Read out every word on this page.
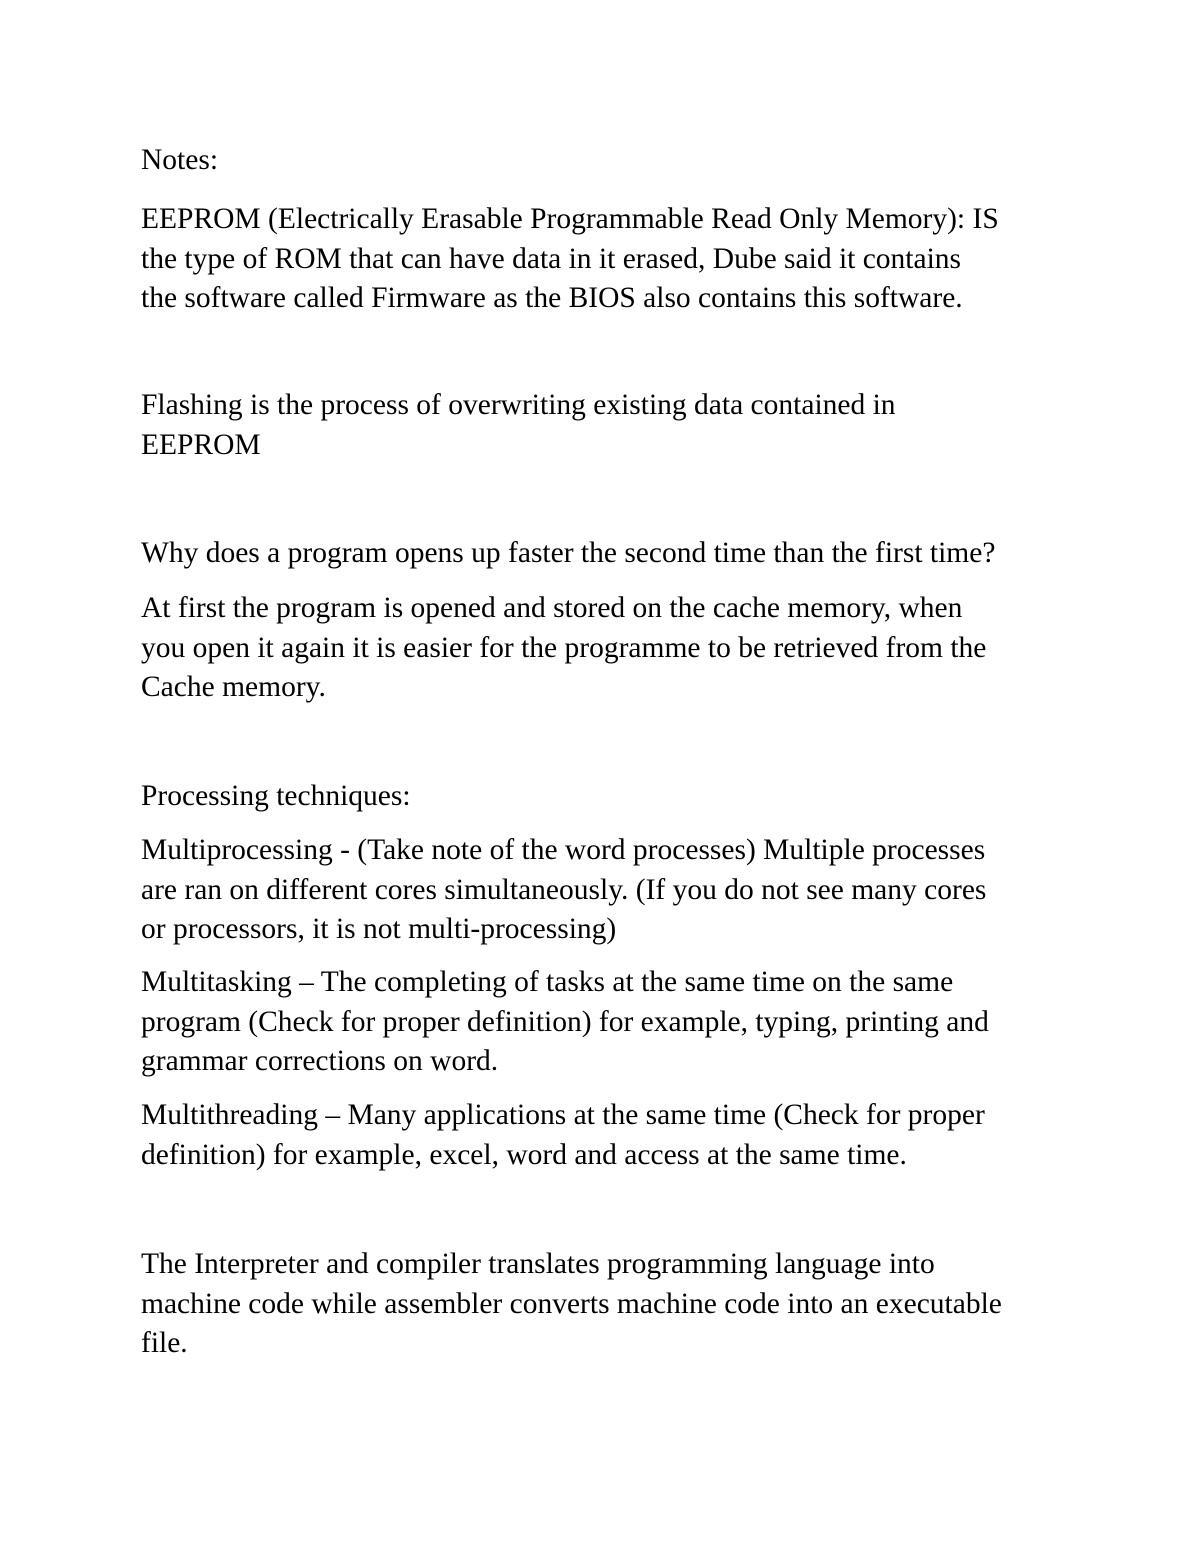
Notes:

EEPROM (Electrically Erasable Programmable Read Only Memory): IS
the type of ROM that can have data in it erased, Dube said it contains
the software called Firmware as the BIOS also contains this software.

Flashing is the process of overwriting existing data contained in
EEPROM

Why does a program opens up faster the second time than the first time?

At first the program is opened and stored on the cache memory, when
you open it again it is easier for the programme to be retrieved from the
Cache memory.

Processing techniques:

Multiprocessing - (Take note of the word processes) Multiple processes
are ran on different cores simultaneously. (If you do not see many cores
or processors, it is not multi-processing)

Multitasking – The completing of tasks at the same time on the same
program (Check for proper definition) for example, typing, printing and
grammar corrections on word.

Multithreading – Many applications at the same time (Check for proper
definition) for example, excel, word and access at the same time.

The Interpreter and compiler translates programming language into
machine code while assembler converts machine code into an executable
file.
